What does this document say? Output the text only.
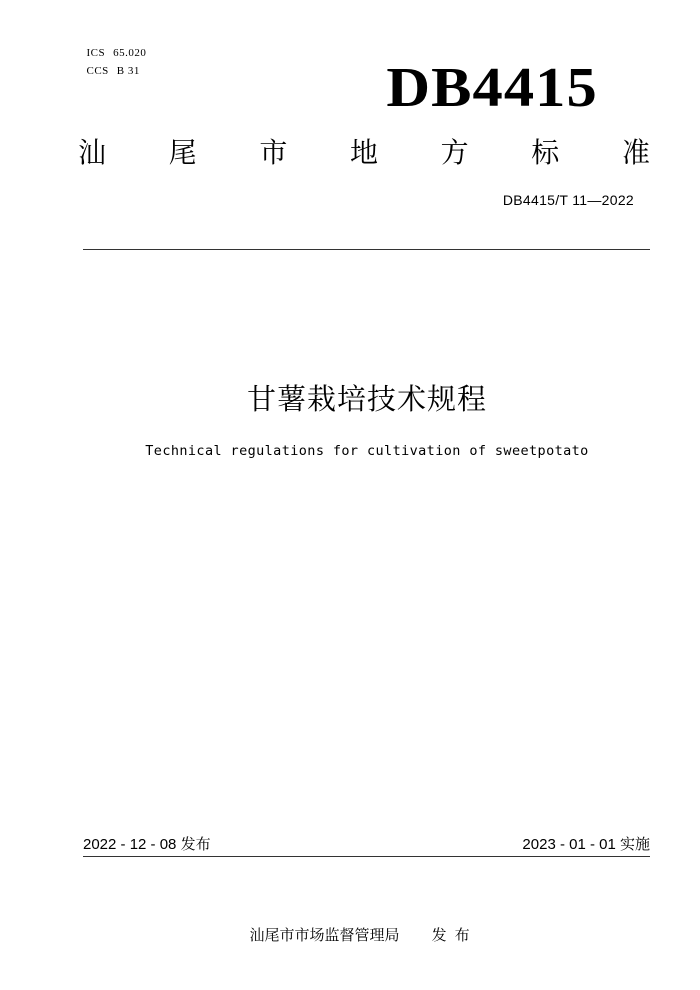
ICS 65.020

CCS B 31	DB4415
汕 尾 市 地 方 标 准
DB4415/T 11—2022
甘薯栽培技术规程
Technical regulations for cultivation of sweetpotato
2022 - 12 - 08 发布	2023 - 01 - 01 实施

汕尾市市场监督管理局 发布
